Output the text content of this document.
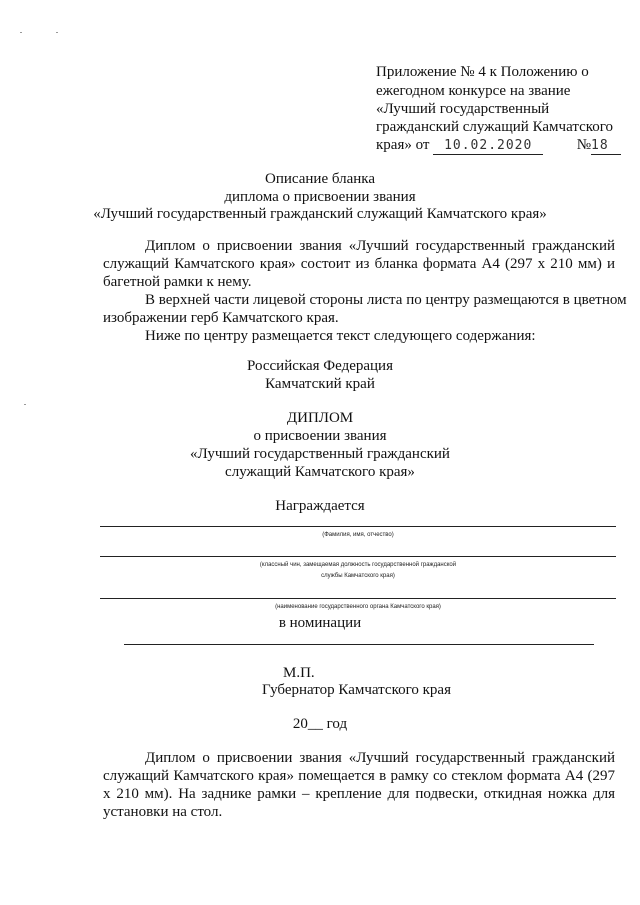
Приложение № 4 к Положению о
ежегодном конкурсе на звание
«Лучший государственный
гражданский служащий Камчатского
края» от 10.02.2020	№18
Описание бланка
диплома о присвоении звания
«Лучший государственный гражданский служащий Камчатского края»
Диплом о присвоении звания «Лучший государственный гражданский
служащий Камчатского края» состоит из бланка формата А4 (297 х 210 мм) и
багетной рамки к нему.
В верхней части лицевой стороны листа по центру размещаются в цветном
изображении герб Камчатского края.
Ниже по центру размещается текст следующего содержания:
Российская Федерация
Камчатский край
ДИПЛОМ
о присвоении звания
«Лучший государственный гражданский
служащий Камчатского края»
Награждается
(Фамилия, имя, отчество)
(классный чин, замещаемая должность государственной гражданской
службы Камчатского края)
(наименование государственного органа Камчатского края)
в номинации
М.П.
Губернатор Камчатского края
20__ год
Диплом о присвоении звания «Лучший государственный гражданский
служащий Камчатского края» помещается в рамку со стеклом формата А4 (297
х 210 мм). На заднике рамки – крепление для подвески, откидная ножка для
установки на стол.
